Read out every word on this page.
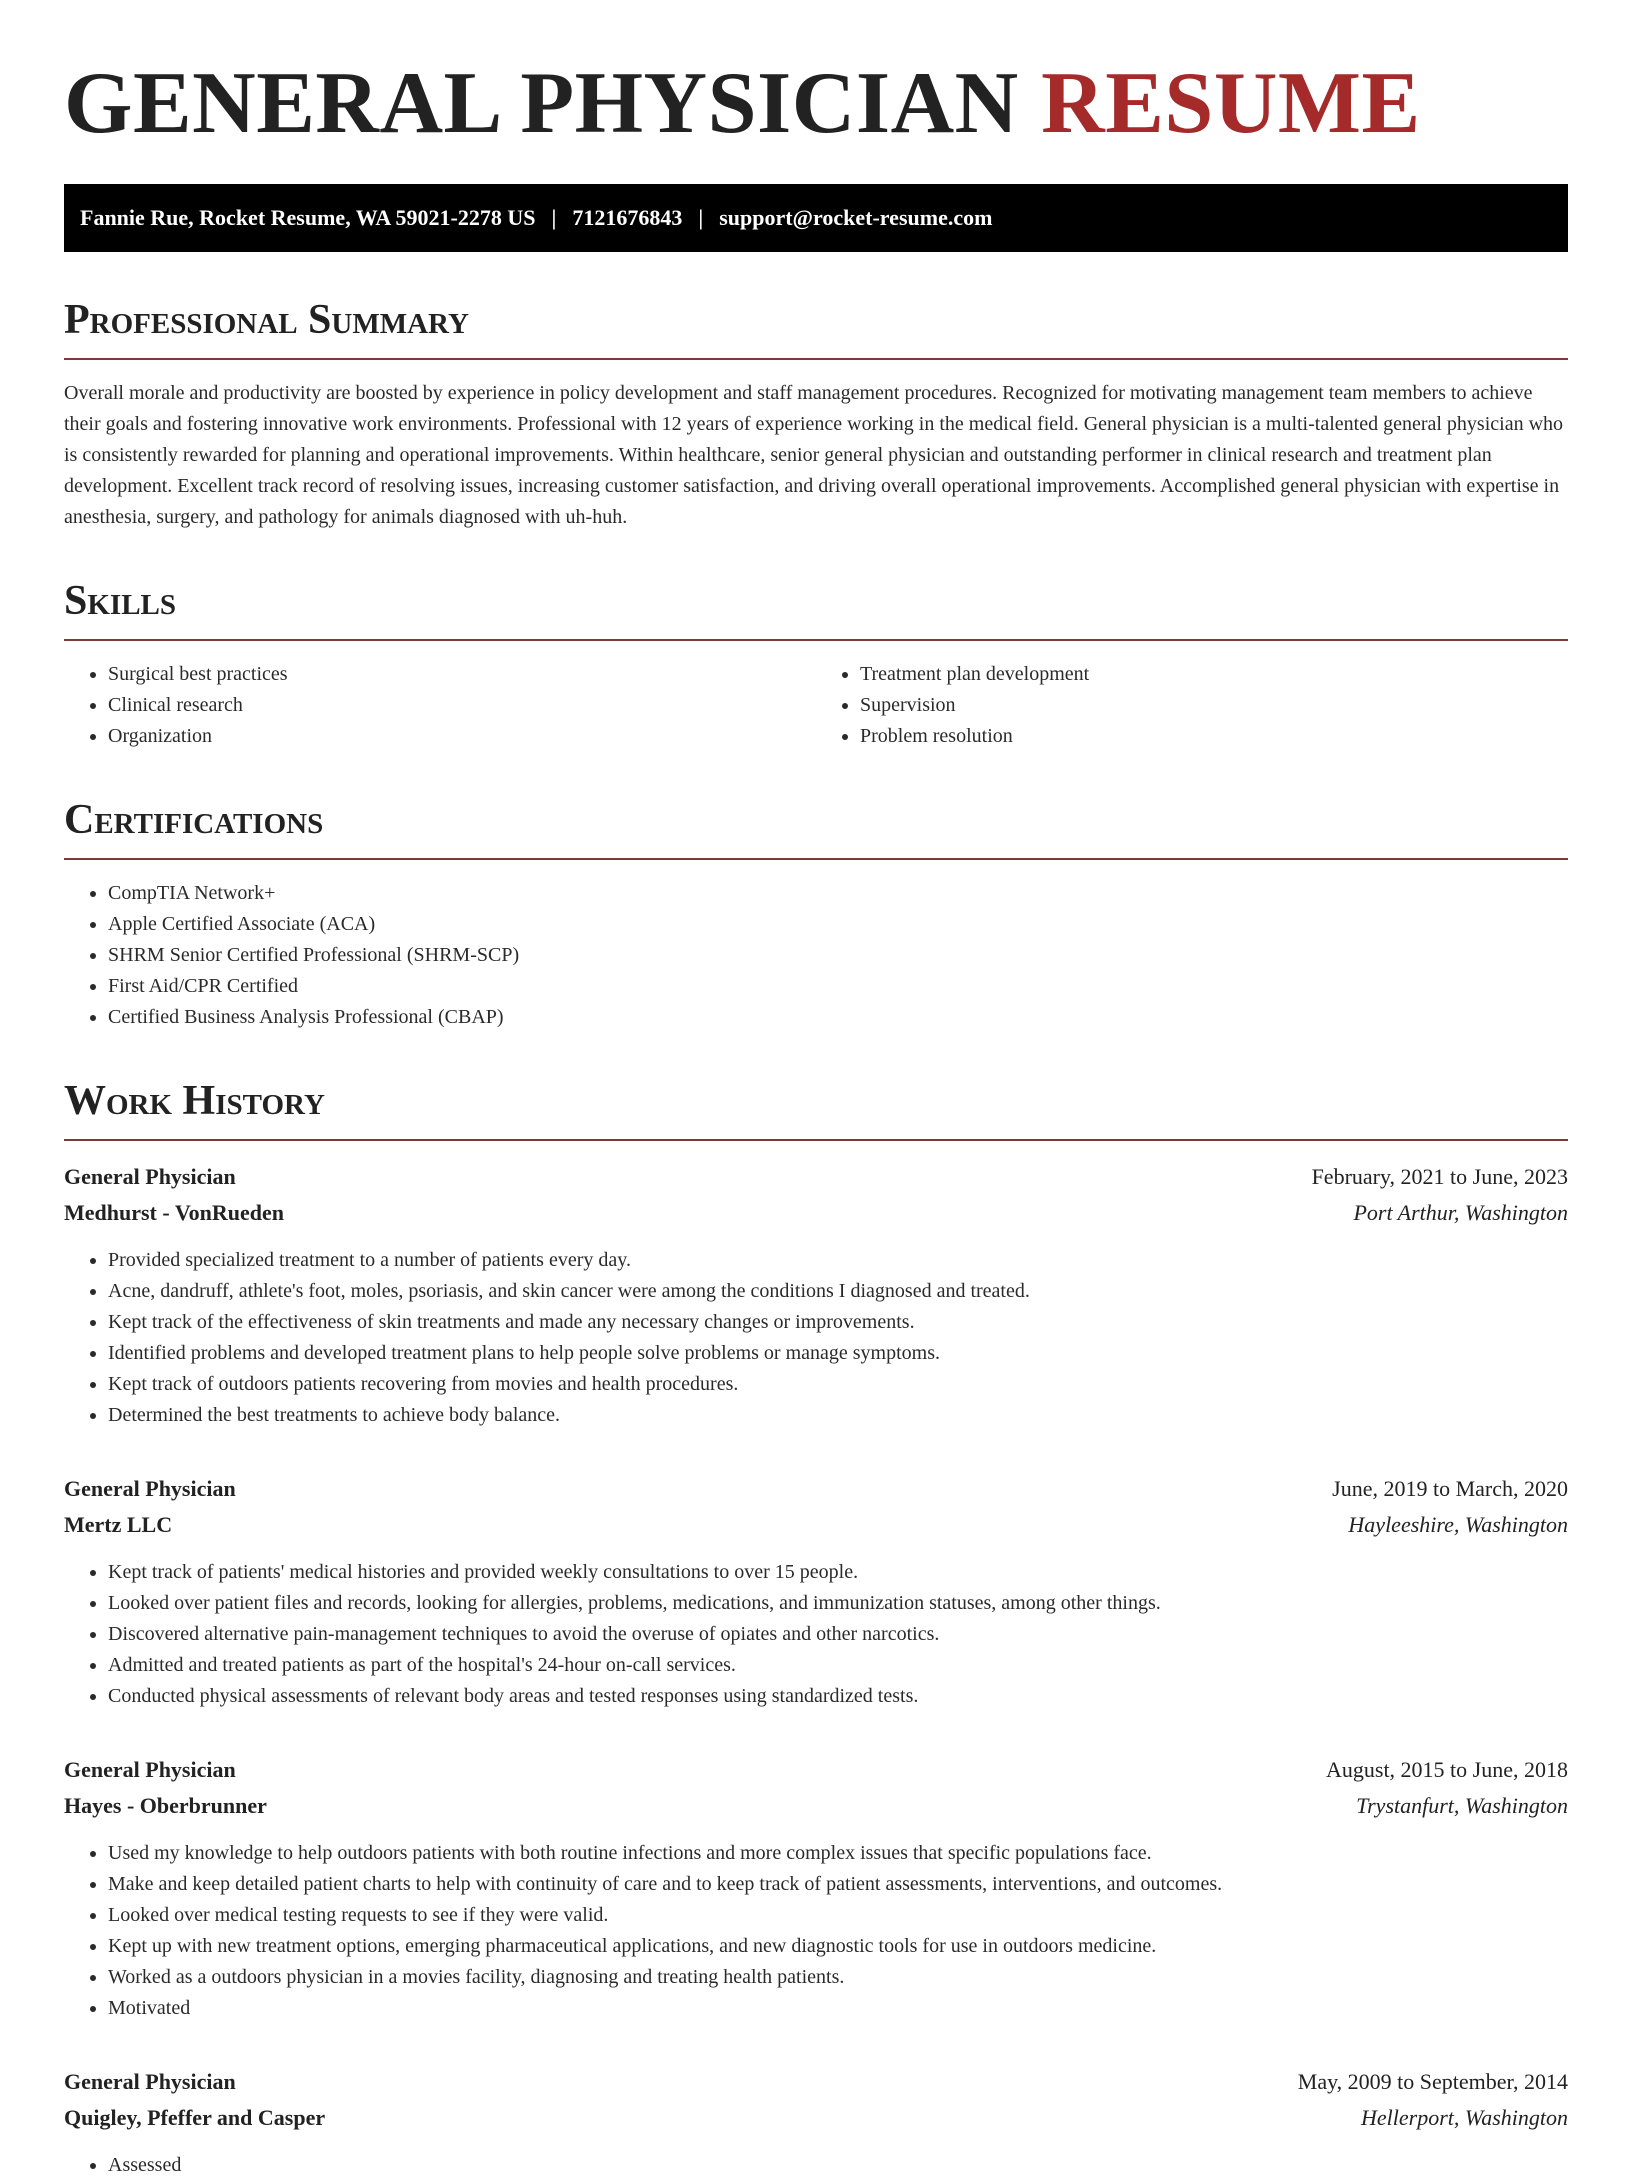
GENERAL PHYSICIAN RESUME
Fannie Rue, Rocket Resume, WA 59021-2278 US | 7121676843 | support@rocket-resume.com
Professional Summary

Overall morale and productivity are boosted by experience in policy development and staff management procedures. Recognized for motivating management team members to achieve their goals and fostering innovative work environments. Professional with 12 years of experience working in the medical field. General physician is a multi-talented general physician who is consistently rewarded for planning and operational improvements. Within healthcare, senior general physician and outstanding performer in clinical research and treatment plan development. Excellent track record of resolving issues, increasing customer satisfaction, and driving overall operational improvements. Accomplished general physician with expertise in anesthesia, surgery, and pathology for animals diagnosed with uh-huh.

Skills
• Surgical best practices
• Clinical research
• Organization
• Treatment plan development
• Supervision
• Problem resolution
Certifications
• CompTIA Network+
• Apple Certified Associate (ACA)
• SHRM Senior Certified Professional (SHRM-SCP)
• First Aid/CPR Certified
• Certified Business Analysis Professional (CBAP)
Work History
General Physician	February, 2021 to June, 2023
Medhurst - VonRueden	Port Arthur, Washington
• Provided specialized treatment to a number of patients every day.
• Acne, dandruff, athlete's foot, moles, psoriasis, and skin cancer were among the conditions I diagnosed and treated.
• Kept track of the effectiveness of skin treatments and made any necessary changes or improvements.
• Identified problems and developed treatment plans to help people solve problems or manage symptoms.
• Kept track of outdoors patients recovering from movies and health procedures.
• Determined the best treatments to achieve body balance.
General Physician	June, 2019 to March, 2020
Mertz LLC	Hayleeshire, Washington
• Kept track of patients' medical histories and provided weekly consultations to over 15 people.
• Looked over patient files and records, looking for allergies, problems, medications, and immunization statuses, among other things.
• Discovered alternative pain-management techniques to avoid the overuse of opiates and other narcotics.
• Admitted and treated patients as part of the hospital's 24-hour on-call services.
• Conducted physical assessments of relevant body areas and tested responses using standardized tests.
General Physician	August, 2015 to June, 2018
Hayes - Oberbrunner	Trystanfurt, Washington
• Used my knowledge to help outdoors patients with both routine infections and more complex issues that specific populations face.
• Make and keep detailed patient charts to help with continuity of care and to keep track of patient assessments, interventions, and outcomes.
• Looked over medical testing requests to see if they were valid.
• Kept up with new treatment options, emerging pharmaceutical applications, and new diagnostic tools for use in outdoors medicine.
• Worked as a outdoors physician in a movies facility, diagnosing and treating health patients.
• Motivated
General Physician	May, 2009 to September, 2014
Quigley, Pfeffer and Casper	Hellerport, Washington
• Assessed
